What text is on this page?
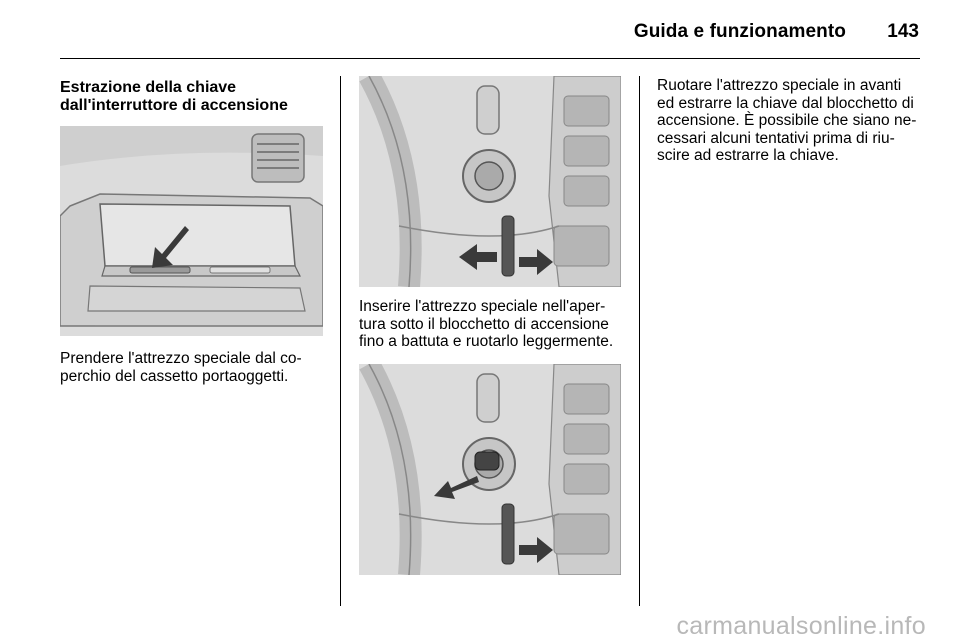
Guida e funzionamento 143
Estrazione della chiave
dall'interruttore di accensione
Prendere l'attrezzo speciale dal co-
perchio del cassetto portaoggetti.
Inserire l'attrezzo speciale nell'aper-
tura sotto il blocchetto di accensione
fino a battuta e ruotarlo leggermente.
Ruotare l'attrezzo speciale in avanti
ed estrarre la chiave dal blocchetto di
accensione. È possibile che siano ne-
cessari alcuni tentativi prima di riu-
scire ad estrarre la chiave.
carmanualsonline.info
